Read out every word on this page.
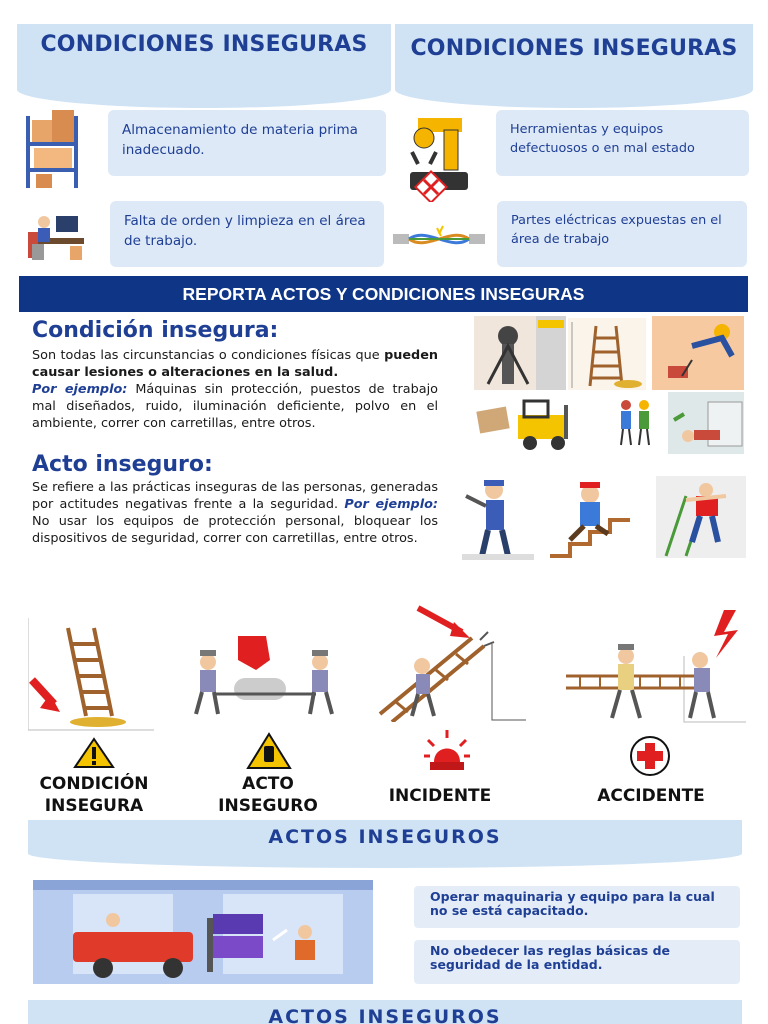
CONDICIONES INSEGURAS CONDICIONES INSEGURAS
Almacenamiento de materia prima inadecuado.
Herramientas y equipos defectuosos o en mal estado
Falta de orden y limpieza en el área de trabajo.
Partes eléctricas expuestas en el área de trabajo
REPORTA ACTOS Y CONDICIONES INSEGURAS
Condición insegura:
Son todas las circunstancias o condiciones físicas que pueden causar lesiones o alteraciones en la salud.
Por ejemplo: Máquinas sin protección, puestos de trabajo mal diseñados, ruido, iluminación deficiente, polvo en el ambiente, correr con carretillas, entre otros.
Acto inseguro:
Se refiere a las prácticas inseguras de las personas, generadas por actitudes negativas frente a la seguridad. Por ejemplo: No usar los equipos de protección personal, bloquear los dispositivos de seguridad, correr con carretillas, entre otros.
CONDICIÓN
INSEGURA
ACTO
INSEGURO	INCIDENTE	ACCIDENTE
ACTOS INSEGUROS
Operar maquinaria y equipo para la cual no se está capacitado.
No obedecer las reglas básicas de seguridad de la entidad.
ACTOS INSEGUROS
